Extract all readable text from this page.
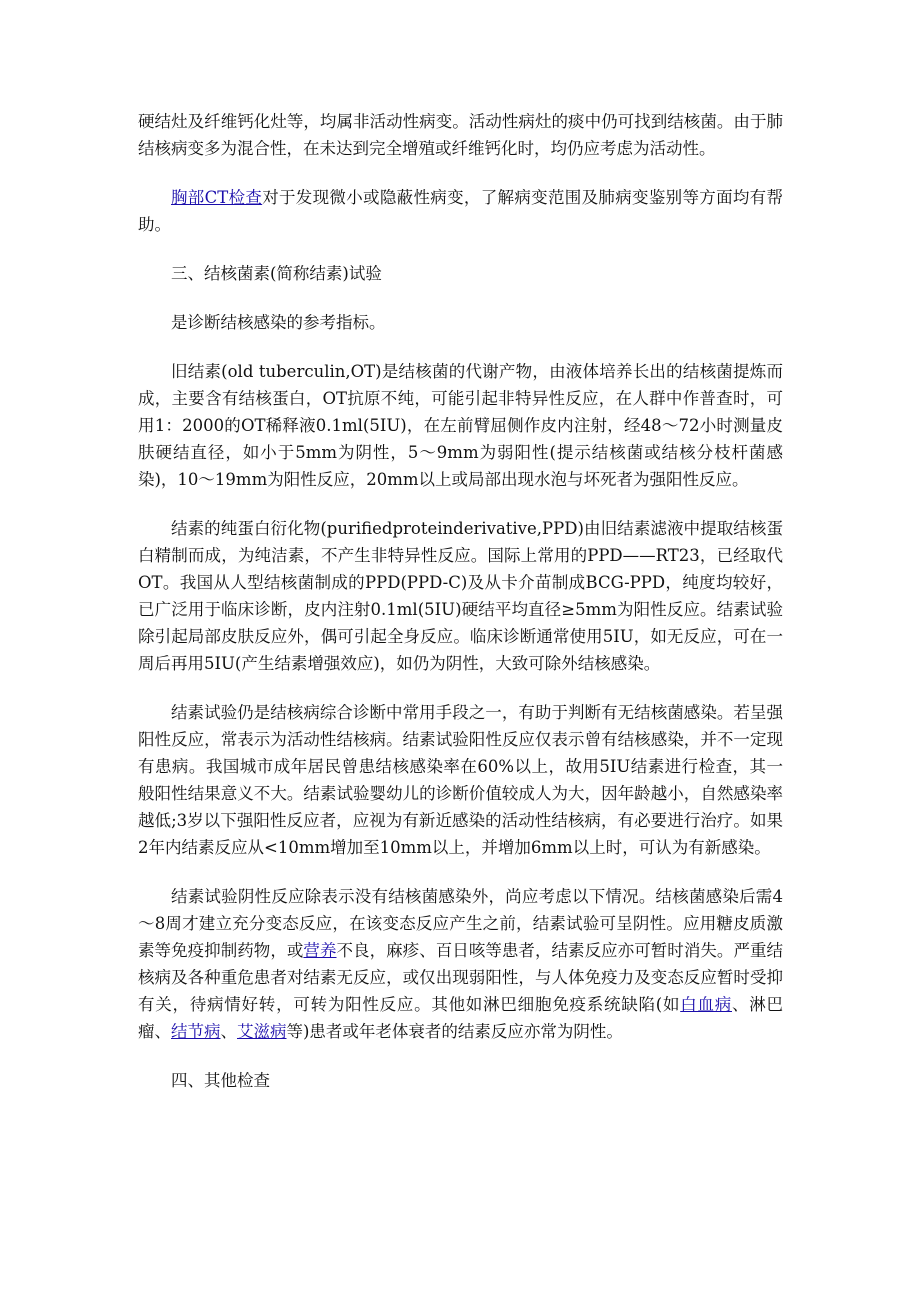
硬结灶及纤维钙化灶等，均属非活动性病变。活动性病灶的痰中仍可找到结核菌。由于肺结核病变多为混合性，在未达到完全增殖或纤维钙化时，均仍应考虑为活动性。

胸部CT检查对于发现微小或隐蔽性病变，了解病变范围及肺病变鉴别等方面均有帮助。

三、结核菌素(简称结素)试验

是诊断结核感染的参考指标。

旧结素(old tuberculin,OT)是结核菌的代谢产物，由液体培养长出的结核菌提炼而成，主要含有结核蛋白，OT抗原不纯，可能引起非特异性反应，在人群中作普查时，可用1：2000的OT稀释液0.1ml(5IU)，在左前臂屈侧作皮内注射，经48～72小时测量皮肤硬结直径，如小于5mm为阴性，5～9mm为弱阳性(提示结核菌或结核分枝杆菌感染)，10～19mm为阳性反应，20mm以上或局部出现水泡与坏死者为强阳性反应。

结素的纯蛋白衍化物(purifiedproteinderivative,PPD)由旧结素滤液中提取结核蛋白精制而成，为纯洁素，不产生非特异性反应。国际上常用的PPD——RT23，已经取代OT。我国从人型结核菌制成的PPD(PPD-C)及从卡介苗制成BCG-PPD，纯度均较好，已广泛用于临床诊断，皮内注射0.1ml(5IU)硬结平均直径≥5mm为阳性反应。结素试验除引起局部皮肤反应外，偶可引起全身反应。临床诊断通常使用5IU，如无反应，可在一周后再用5IU(产生结素增强效应)，如仍为阴性，大致可除外结核感染。

结素试验仍是结核病综合诊断中常用手段之一，有助于判断有无结核菌感染。若呈强阳性反应，常表示为活动性结核病。结素试验阳性反应仅表示曾有结核感染，并不一定现有患病。我国城市成年居民曾患结核感染率在60%以上，故用5IU结素进行检查，其一般阳性结果意义不大。结素试验婴幼儿的诊断价值较成人为大，因年龄越小，自然感染率越低;3岁以下强阳性反应者，应视为有新近感染的活动性结核病，有必要进行治疗。如果2年内结素反应从<10mm增加至10mm以上，并增加6mm以上时，可认为有新感染。

结素试验阴性反应除表示没有结核菌感染外，尚应考虑以下情况。结核菌感染后需4～8周才建立充分变态反应，在该变态反应产生之前，结素试验可呈阴性。应用糖皮质激素等免疫抑制药物，或营养不良，麻疹、百日咳等患者，结素反应亦可暂时消失。严重结核病及各种重危患者对结素无反应，或仅出现弱阳性，与人体免疫力及变态反应暂时受抑有关，待病情好转，可转为阳性反应。其他如淋巴细胞免疫系统缺陷(如白血病、淋巴瘤、结节病、艾滋病等)患者或年老体衰者的结素反应亦常为阴性。

四、其他检查
